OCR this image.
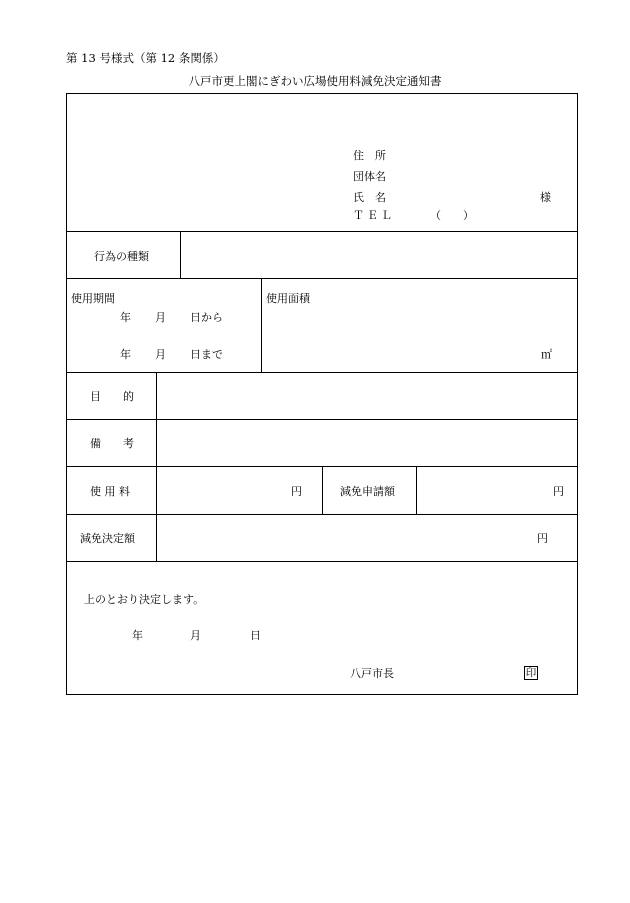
第 13 号様式（第 12 条関係）
八戸市更上閣にぎわい広場使用料減免決定通知書
住　所
団体名
氏　名	様
ＴＥＬ	（　　）
行為の種類
使用期間
年 月 日から
年 月 日まで
使用面積
㎡
目　　的
備　　考
使 用 料	円	減免申請額	円
減免決定額	円
上のとおり決定します。
年	月	日
八戸市長	印
